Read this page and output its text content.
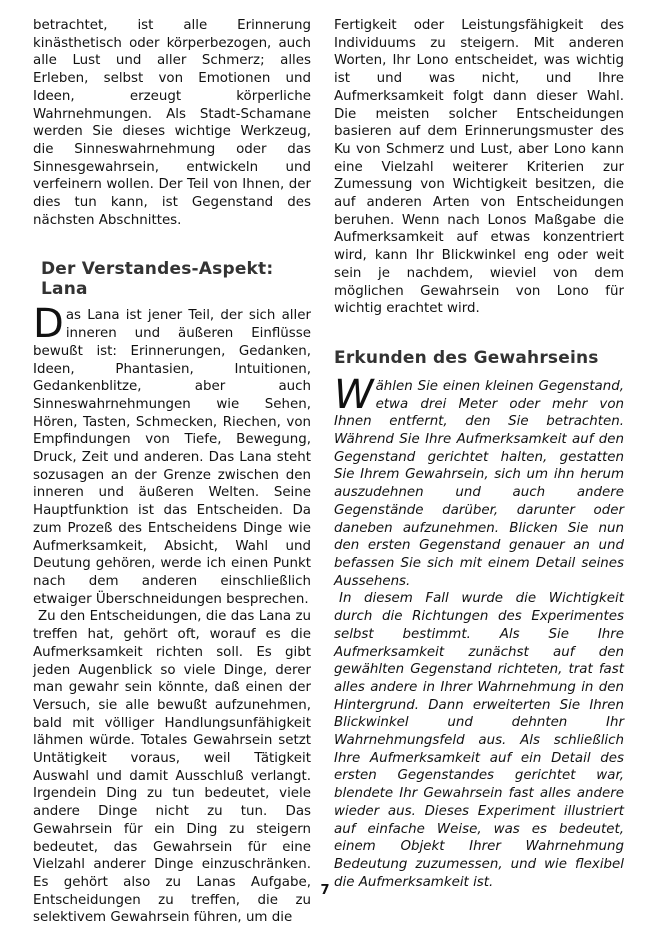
betrachtet, ist alle Erinnerung kinästhetisch oder körperbezogen, auch alle Lust und aller Schmerz; alles Erleben, selbst von Emotionen und Ideen, erzeugt körperliche Wahrnehmungen. Als Stadt-Schamane werden Sie dieses wichtige Werkzeug, die Sinneswahrnehmung oder das Sinnesgewahrsein, entwickeln und verfeinern wollen. Der Teil von Ihnen, der dies tun kann, ist Gegenstand des nächsten Abschnittes.

Der Verstandes-Aspekt: Lana

Das Lana ist jener Teil, der sich aller inneren und äußeren Einflüsse bewußt ist: Erinnerungen, Gedanken, Ideen, Phantasien, Intuitionen, Gedankenblitze, aber auch Sinneswahrnehmungen wie Sehen, Hören, Tasten, Schmecken, Riechen, von Empfindungen von Tiefe, Bewegung, Druck, Zeit und anderen. Das Lana steht sozusagen an der Grenze zwischen den inneren und äußeren Welten. Seine Hauptfunktion ist das Entscheiden. Da zum Prozeß des Entscheidens Dinge wie Aufmerksamkeit, Absicht, Wahl und Deutung gehören, werde ich einen Punkt nach dem anderen einschließlich etwaiger Überschneidungen besprechen.

Zu den Entscheidungen, die das Lana zu treffen hat, gehört oft, worauf es die Aufmerksamkeit richten soll. Es gibt jeden Augenblick so viele Dinge, derer man gewahr sein könnte, daß einen der Versuch, sie alle bewußt aufzunehmen, bald mit völliger Handlungsunfähigkeit lähmen würde. Totales Gewahrsein setzt Untätigkeit voraus, weil Tätigkeit Auswahl und damit Ausschluß verlangt. Irgendein Ding zu tun bedeutet, viele andere Dinge nicht zu tun. Das Gewahrsein für ein Ding zu steigern bedeutet, das Gewahrsein für eine Vielzahl anderer Dinge einzuschränken. Es gehört also zu Lanas Aufgabe, Entscheidungen zu treffen, die zu selektivem Gewahrsein führen, um die

Fertigkeit oder Leistungsfähigkeit des Individuums zu steigern. Mit anderen Worten, Ihr Lono entscheidet, was wichtig ist und was nicht, und Ihre Aufmerksamkeit folgt dann dieser Wahl. Die meisten solcher Entscheidungen basieren auf dem Erinnerungsmuster des Ku von Schmerz und Lust, aber Lono kann eine Vielzahl weiterer Kriterien zur Zumessung von Wichtigkeit besitzen, die auf anderen Arten von Entscheidungen beruhen. Wenn nach Lonos Maßgabe die Aufmerksamkeit auf etwas konzentriert wird, kann Ihr Blickwinkel eng oder weit sein je nachdem, wieviel von dem möglichen Gewahrsein von Lono für wichtig erachtet wird.

Erkunden des Gewahrseins

Wählen Sie einen kleinen Gegenstand, etwa drei Meter oder mehr von Ihnen entfernt, den Sie betrachten. Während Sie Ihre Aufmerksamkeit auf den Gegenstand gerichtet halten, gestatten Sie Ihrem Gewahrsein, sich um ihn herum auszudehnen und auch andere Gegenstände darüber, darunter oder daneben aufzunehmen. Blicken Sie nun den ersten Gegenstand genauer an und befassen Sie sich mit einem Detail seines Aussehens.

In diesem Fall wurde die Wichtigkeit durch die Richtungen des Experimentes selbst bestimmt. Als Sie Ihre Aufmerksamkeit zunächst auf den gewählten Gegenstand richteten, trat fast alles andere in Ihrer Wahrnehmung in den Hintergrund. Dann erweiterten Sie Ihren Blickwinkel und dehnten Ihr Wahrnehmungsfeld aus. Als schließlich Ihre Aufmerksamkeit auf ein Detail des ersten Gegenstandes gerichtet war, blendete Ihr Gewahrsein fast alles andere wieder aus. Dieses Experiment illustriert auf einfache Weise, was es bedeutet, einem Objekt Ihrer Wahrnehmung Bedeutung zuzumessen, und wie flexibel die Aufmerksamkeit ist.

7
